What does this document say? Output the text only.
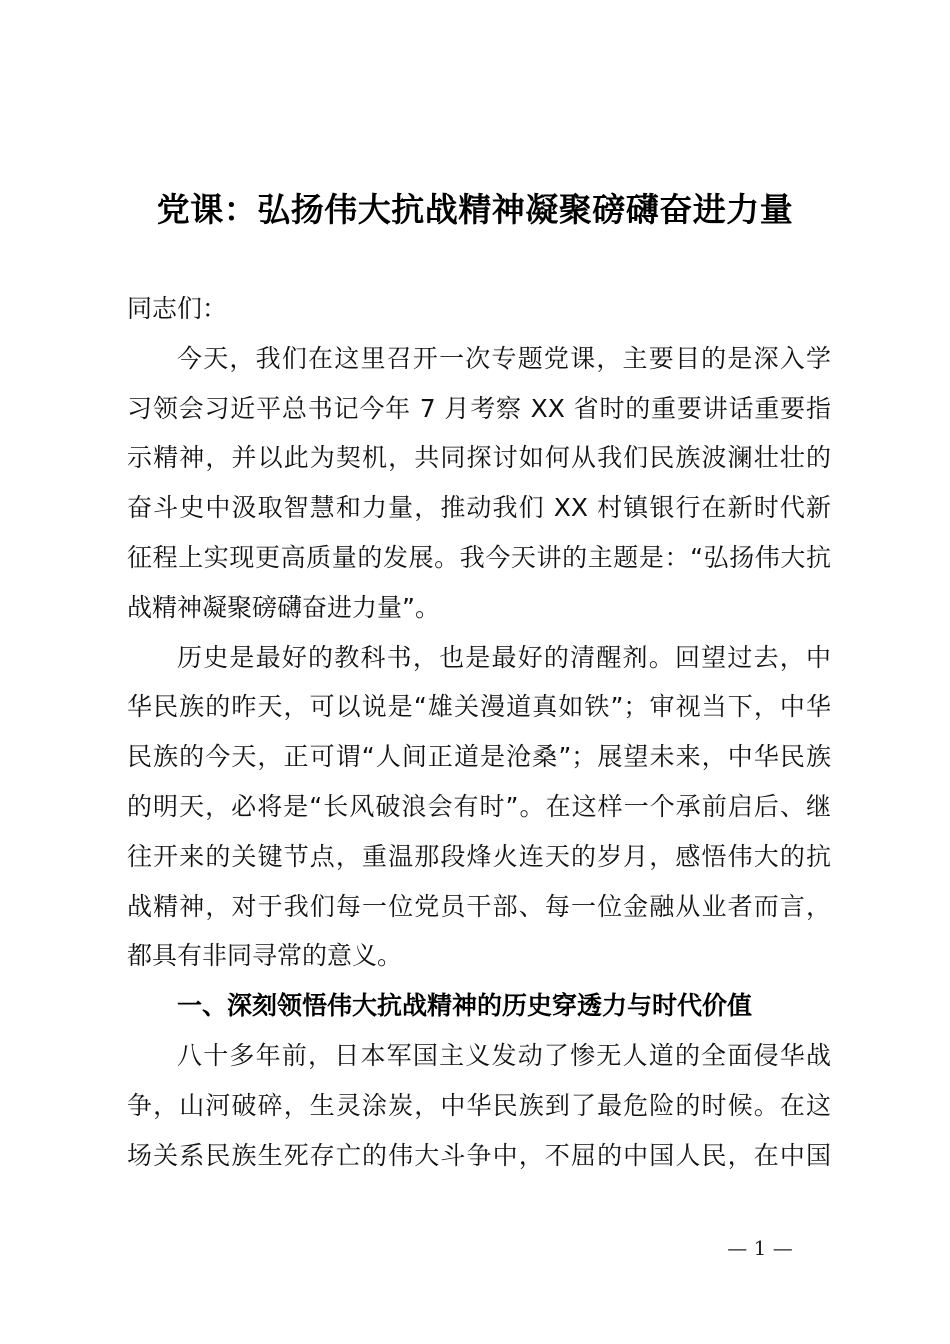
党课：弘扬伟大抗战精神凝聚磅礴奋进力量
同志们：
今天，我们在这里召开一次专题党课，主要目的是深入学
习领会习近平总书记今年 7 月考察 XX 省时的重要讲话重要指
示精神，并以此为契机，共同探讨如何从我们民族波澜壮壮的
奋斗史中汲取智慧和力量，推动我们 XX 村镇银行在新时代新
征程上实现更高质量的发展。我今天讲的主题是：“弘扬伟大抗
战精神凝聚磅礴奋进力量”。
历史是最好的教科书，也是最好的清醒剂。回望过去，中
华民族的昨天，可以说是“雄关漫道真如铁”；审视当下，中华
民族的今天，正可谓“人间正道是沧桑”；展望未来，中华民族
的明天，必将是“长风破浪会有时”。在这样一个承前启后、继
往开来的关键节点，重温那段烽火连天的岁月，感悟伟大的抗
战精神，对于我们每一位党员干部、每一位金融从业者而言，
都具有非同寻常的意义。
一、深刻领悟伟大抗战精神的历史穿透力与时代价值
八十多年前，日本军国主义发动了惨无人道的全面侵华战
争，山河破碎，生灵涂炭，中华民族到了最危险的时候。在这
场关系民族生死存亡的伟大斗争中，不屈的中国人民，在中国
— 1 —
